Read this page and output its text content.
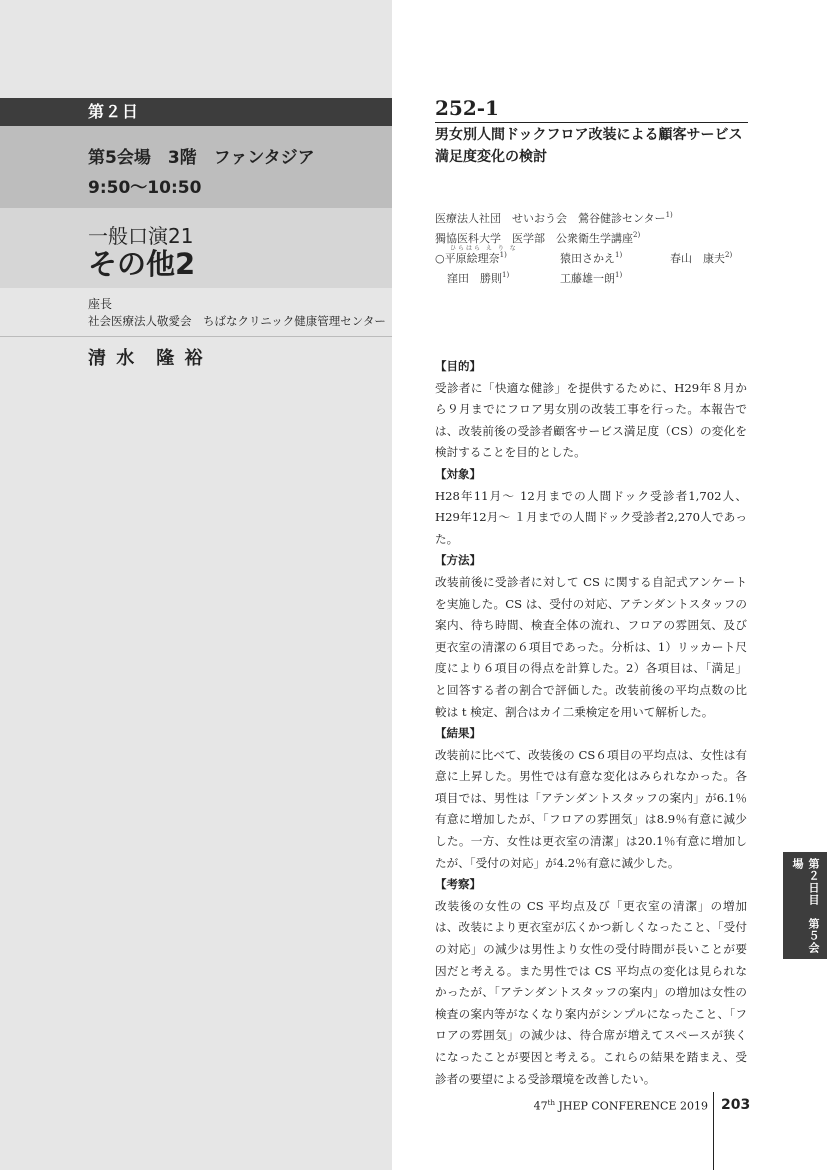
第２日
第5会場　3階　ファンタジア
9:50～10:50
一般口演21
その他2
座長
社会医療法人敬愛会　ちばなクリニック健康管理センター
清 水　隆 裕
252-1
男女別人間ドックフロア改装による顧客サービス満足度変化の検討
医療法人社団　せいおう会　鶯谷健診センター$^{1)}$
獨協医科大学　医学部　公衆衛生学講座$^{2)}$
ひらはら え り な
○平原絵理奈$^{1)}$	猿田さかえ$^{1)}$	春山　康夫$^{2)}$
窪田　勝則$^{1)}$	工藤雄一朗$^{1)}$
【目的】

受診者に「快適な健診」を提供するために、H29年８月から９月までにフロア男女別の改装工事を行った。本報告では、改装前後の受診者顧客サービス満足度（CS）の変化を検討することを目的とした。

【対象】

H28年11月～ 12月までの人間ドック受診者1,702人、H29年12月～ １月までの人間ドック受診者2,270人であった。

【方法】

改装前後に受診者に対して CS に関する自記式アンケートを実施した。CS は、受付の対応、アテンダントスタッフの案内、待ち時間、検査全体の流れ、フロアの雰囲気、及び更衣室の清潔の６項目であった。分析は、1）リッカート尺度により６項目の得点を計算した。2）各項目は、「満足」と回答する者の割合で評価した。改装前後の平均点数の比較は t 検定、割合はカイ二乗検定を用いて解析した。

【結果】

改装前に比べて、改装後の CS６項目の平均点は、女性は有意に上昇した。男性では有意な変化はみられなかった。各項目では、男性は「アテンダントスタッフの案内」が6.1％有意に増加したが、「フロアの雰囲気」は8.9％有意に減少した。一方、女性は更衣室の清潔」は20.1％有意に増加したが、「受付の対応」が4.2％有意に減少した。

【考察】

改装後の女性の CS 平均点及び「更衣室の清潔」の増加は、改装により更衣室が広くかつ新しくなったこと、「受付の対応」の減少は男性より女性の受付時間が長いことが要因だと考える。また男性では CS 平均点の変化は見られなかったが、「アテンダントスタッフの案内」の増加は女性の検査の案内等がなくなり案内がシンプルになったこと、「フロアの雰囲気」の減少は、待合席が増えてスペースが狭くになったことが要因と考える。これらの結果を踏まえ、受診者の要望による受診環境を改善したい。

第２日目　第５会場
47th JHEP CONFERENCE 2019 203
